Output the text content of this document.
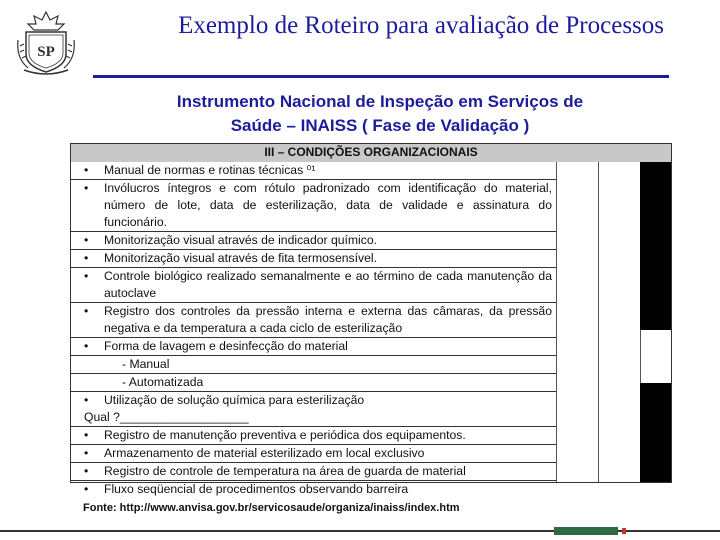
SP
Exemplo de Roteiro para avaliação de Processos
Instrumento Nacional de Inspeção em Serviços de
Saúde – INAISS ( Fase de Validação )
III – CONDIÇÕES ORGANIZACIONAIS
•	Manual de normas e rotinas técnicas ⁰¹
•	Invólucros íntegros e com rótulo padronizado com identificação do material, número de lote, data de esterilização, data de validade e assinatura do funcionário.
•	Monitorização visual através de indicador químico.
•	Monitorização visual através de fita termosensível.
•	Controle biológico realizado semanalmente e ao término de cada manutenção da autoclave
•	Registro dos controles da pressão interna e externa das câmaras, da pressão negativa e da temperatura a cada ciclo de esterilização
•	Forma de lavagem e desinfecção do material
- Manual
- Automatizada
•	Utilização de solução química para esterilização
Qual ?___________________
•	Registro de manutenção preventiva e periódica dos equipamentos.
•	Armazenamento de material esterilizado em local exclusivo
•	Registro de controle de temperatura na área de guarda de material
•	Fluxo seqüencial de procedimentos observando barreira
Fonte: http://www.anvisa.gov.br/servicosaude/organiza/inaiss/index.htm
